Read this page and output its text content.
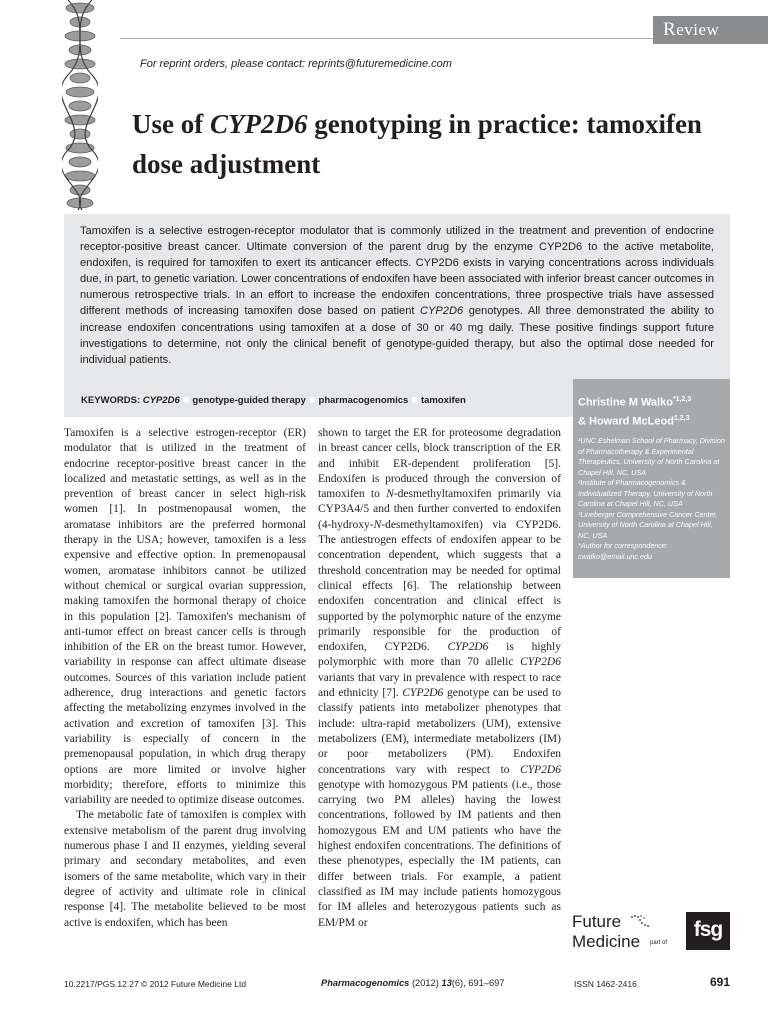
Review
For reprint orders, please contact: reprints@futuremedicine.com
Use of CYP2D6 genotyping in practice: tamoxifen dose adjustment
Tamoxifen is a selective estrogen-receptor modulator that is commonly utilized in the treatment and prevention of endocrine receptor-positive breast cancer. Ultimate conversion of the parent drug by the enzyme CYP2D6 to the active metabolite, endoxifen, is required for tamoxifen to exert its anticancer effects. CYP2D6 exists in varying concentrations across individuals due, in part, to genetic variation. Lower concentrations of endoxifen have been associated with inferior breast cancer outcomes in numerous retrospective trials. In an effort to increase the endoxifen concentrations, three prospective trials have assessed different methods of increasing tamoxifen dose based on patient CYP2D6 genotypes. All three demonstrated the ability to increase endoxifen concentrations using tamoxifen at a dose of 30 or 40 mg daily. These positive findings support future investigations to determine, not only the clinical benefit of genotype-guided therapy, but also the optimal dose needed for individual patients.
KEYWORDS: CYP2D6 ■ genotype-guided therapy ■ pharmacogenomics ■ tamoxifen	Christine M Walko$^{*1,2,3}$
& Howard McLeod$^{1,2,3}$

¹UNC Eshelman School of Pharmacy, Division of Pharmacotherapy & Experimental Therapeutics, University of North Carolina at Chapel Hill, NC, USA

²Institute of Pharmacogenomics & Individualized Therapy, University of North Carolina at Chapel Hill, NC, USA

³Lineberger Comprehensive Cancer Center, University of North Carolina at Chapel Hill, NC, USA

*Author for correspondence: cwalko@email.unc.edu

Tamoxifen is a selective estrogen-receptor (ER) modulator that is utilized in the treatment of endocrine receptor-positive breast cancer in the localized and metastatic settings, as well as in the prevention of breast cancer in select high-risk women [1]. In postmenopausal women, the aromatase inhibitors are the preferred hormonal therapy in the USA; however, tamoxifen is a less expensive and effective option. In premenopausal women, aromatase inhibitors cannot be utilized without chemical or surgical ovarian suppression, making tamoxifen the hormonal therapy of choice in this population [2]. Tamoxifen's mechanism of anti-tumor effect on breast cancer cells is through inhibition of the ER on the breast tumor. However, variability in response can affect ultimate disease outcomes. Sources of this variation include patient adherence, drug interactions and genetic factors affecting the metabolizing enzymes involved in the activation and excretion of tamoxifen [3]. This variability is especially of concern in the premenopausal population, in which drug therapy options are more limited or involve higher morbidity; therefore, efforts to minimize this variability are needed to optimize disease outcomes.

The metabolic fate of tamoxifen is complex with extensive metabolism of the parent drug involving numerous phase I and II enzymes, yielding several primary and secondary metabolites, and even isomers of the same metabolite, which vary in their degree of activity and ultimate role in clinical response [4]. The metabolite believed to be most active is endoxifen, which has been

shown to target the ER for proteosome degradation in breast cancer cells, block transcription of the ER and inhibit ER-dependent proliferation [5]. Endoxifen is produced through the conversion of tamoxifen to N-desmethyltamoxifen primarily via CYP3A4/5 and then further converted to endoxifen (4-hydroxy-N-desmethyltamoxifen) via CYP2D6. The antiestrogen effects of endoxifen appear to be concentration dependent, which suggests that a threshold concentration may be needed for optimal clinical effects [6]. The relationship between endoxifen concentration and clinical effect is supported by the polymorphic nature of the enzyme primarily responsible for the production of endoxifen, CYP2D6. CYP2D6 is highly polymorphic with more than 70 allelic CYP2D6 variants that vary in prevalence with respect to race and ethnicity [7]. CYP2D6 genotype can be used to classify patients into metabolizer phenotypes that include: ultra-rapid metabolizers (UM), extensive metabolizers (EM), intermediate metabolizers (IM) or poor metabolizers (PM). Endoxifen concentrations vary with respect to CYP2D6 genotype with homozygous PM patients (i.e., those carrying two PM alleles) having the lowest concentrations, followed by IM patients and then homozygous EM and UM patients who have the highest endoxifen concentrations. The definitions of these phenotypes, especially the IM patients, can differ between trials. For example, a patient classified as IM may include patients homozygous for IM alleles and heterozygous patients such as EM/PM or	Future
Medicine part of
fsg
10.2217/PGS.12.27 © 2012 Future Medicine Ltd	Pharmacogenomics (2012) 13(6), 691–697	ISSN 1462-2416	691
